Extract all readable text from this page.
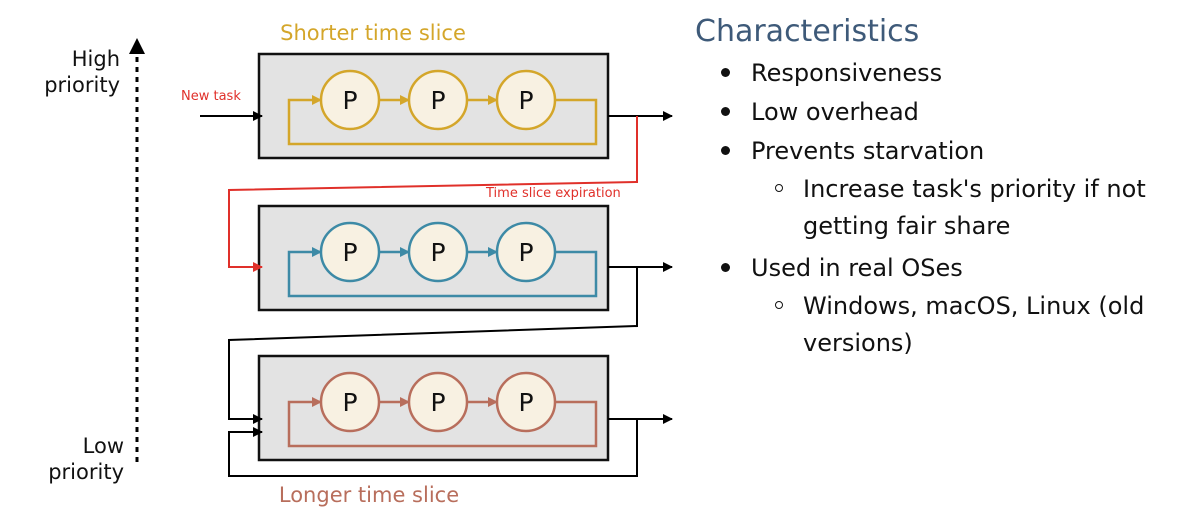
High
priority
Low
priority
Shorter time slice
Longer time slice
P	P	P
P	P	P
P	P	P
New task
Time slice expiration
Characteristics
Responsiveness
Low overhead
Prevents starvation
Increase task's priority if not getting fair share
Used in real OSes
Windows, macOS, Linux (old versions)
